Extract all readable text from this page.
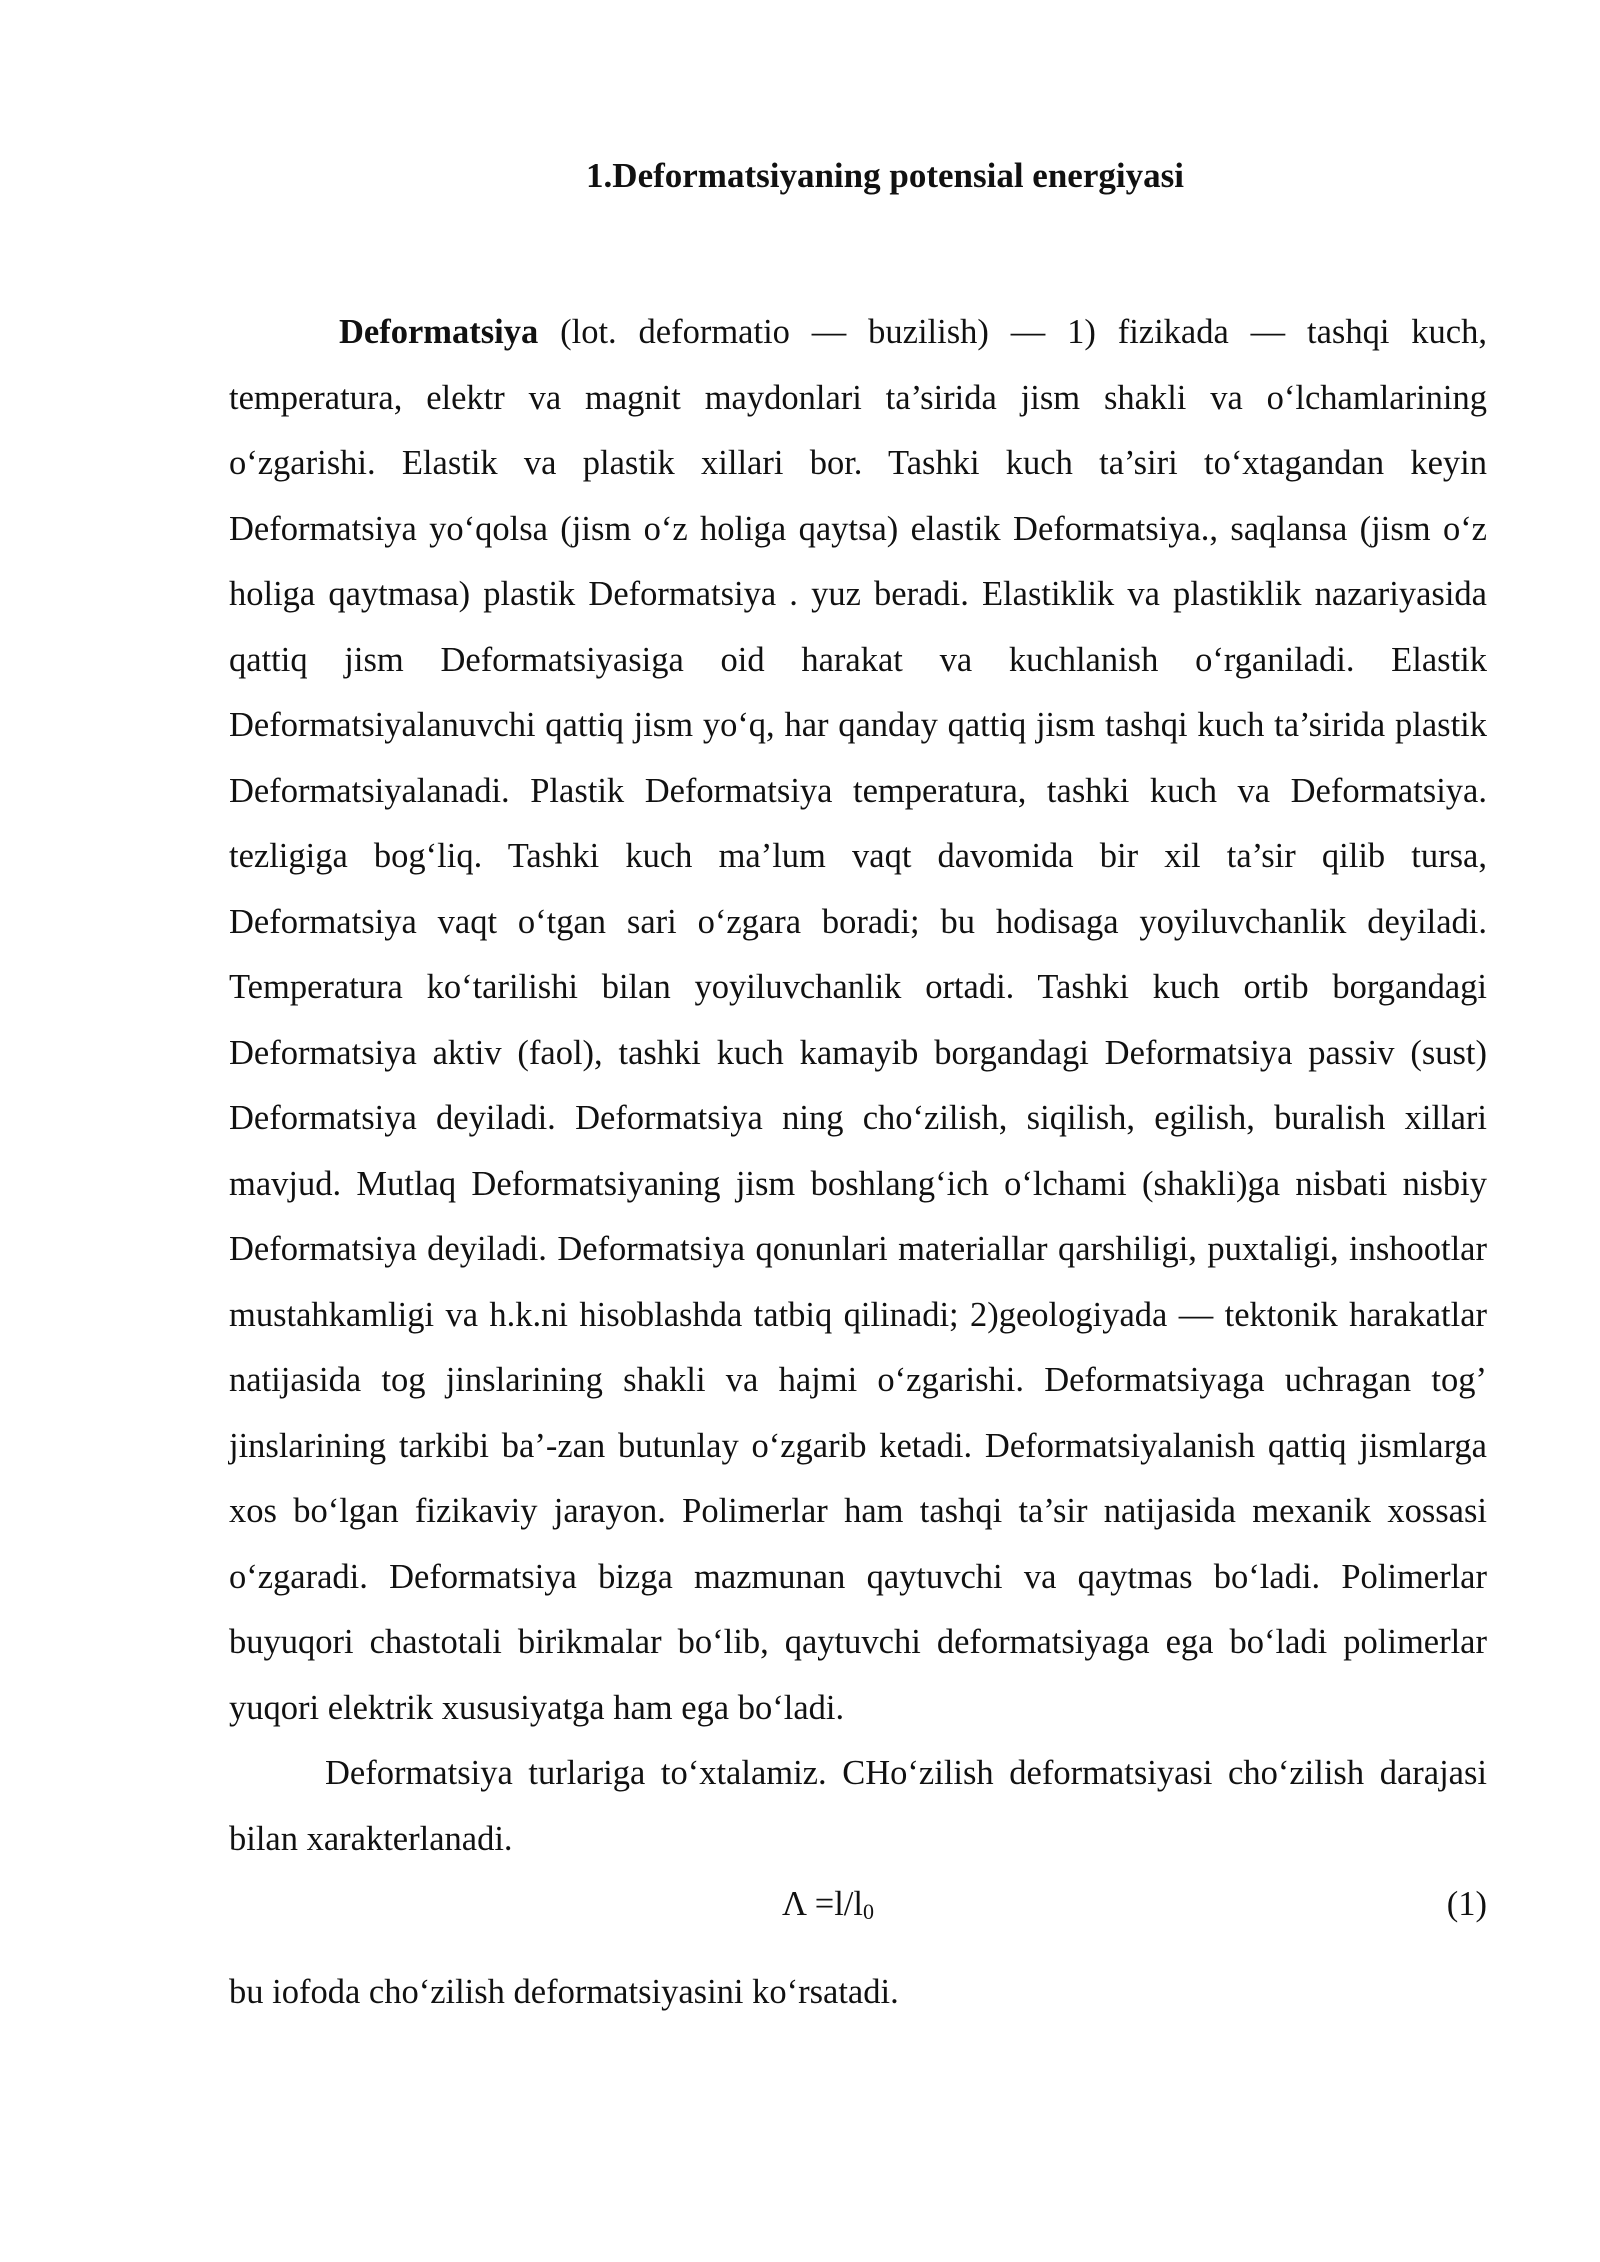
1.Deformatsiyaning potensial energiyasi

Deformatsiya (lot. deformatio — buzilish) — 1) fizikada — tashqi kuch, temperatura, elektr va magnit maydonlari ta’sirida jism shakli va o‘lchamlarining o‘zgarishi. Elastik va plastik xillari bor. Tashki kuch ta’siri to‘xtagandan keyin Deformatsiya yo‘qolsa (jism o‘z holiga qaytsa) elastik Deformatsiya., saqlansa (jism o‘z holiga qaytmasa) plastik Deformatsiya . yuz beradi. Elastiklik va plastiklik nazariyasida qattiq jism Deformatsiyasiga oid harakat va kuchlanish o‘rganiladi. Elastik Deformatsiyalanuvchi qattiq jism yo‘q, har qanday qattiq jism tashqi kuch ta’sirida plastik Deformatsiyalanadi. Plastik Deformatsiya temperatura, tashki kuch va Deformatsiya. tezligiga bog‘liq. Tashki kuch ma’lum vaqt davomida bir xil ta’sir qilib tursa, Deformatsiya vaqt o‘tgan sari o‘zgara boradi; bu hodisaga yoyiluvchanlik deyiladi. Temperatura ko‘tarilishi bilan yoyiluvchanlik ortadi. Tashki kuch ortib borgandagi Deformatsiya aktiv (faol), tashki kuch kamayib borgandagi Deformatsiya passiv (sust) Deformatsiya deyiladi. Deformatsiya ning cho‘zilish, siqilish, egilish, buralish xillari mavjud. Mutlaq Deformatsiyaning jism boshlang‘ich o‘lchami (shakli)ga nisbati nisbiy Deformatsiya deyiladi. Deformatsiya qonunlari materiallar qarshiligi, puxtaligi, inshootlar mustahkamligi va h.k.ni hisoblashda tatbiq qilinadi; 2)geologiyada — tektonik harakatlar natijasida tog jinslarining shakli va hajmi o‘zgarishi. Deformatsiyaga uchragan tog’ jinslarining tarkibi ba’-zan butunlay o‘zgarib ketadi. Deformatsiyalanish qattiq jismlarga xos bo‘lgan fizikaviy jarayon. Polimerlar ham tashqi ta’sir natijasida mexanik xossasi o‘zgaradi. Deformatsiya bizga mazmunan qaytuvchi va qaytmas bo‘ladi. Polimerlar buyuqori chastotali birikmalar bo‘lib, qaytuvchi deformatsiyaga ega bo‘ladi polimerlar yuqori elektrik xususiyatga ham ega bo‘ladi.

Deformatsiya turlariga to‘xtalamiz. CHo‘zilish deformatsiyasi cho‘zilish darajasi bilan xarakterlanadi.

$\Lambda =l/l_0$	(1)

bu iofoda cho‘zilish deformatsiyasini ko‘rsatadi.
